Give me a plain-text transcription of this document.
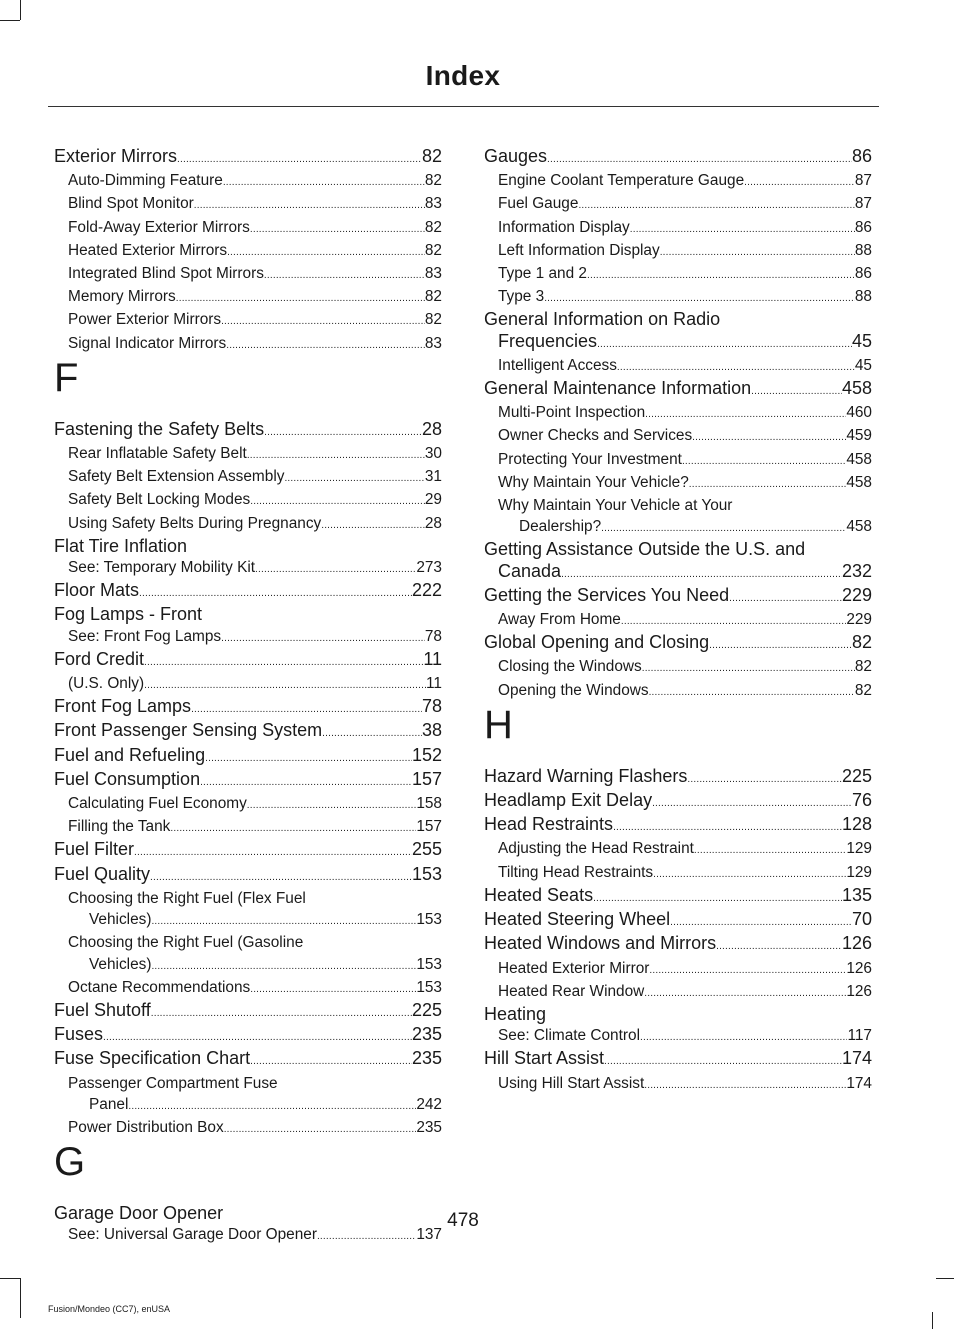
Index
Exterior Mirrors .....	82
Auto-Dimming Feature .....	82
Blind Spot Monitor .....	83
Fold-Away Exterior Mirrors .....	82
Heated Exterior Mirrors .....	82
Integrated Blind Spot Mirrors .....	83
Memory Mirrors .....	82
Power Exterior Mirrors .....	82
Signal Indicator Mirrors .....	83
F
Fastening the Safety Belts .....	28
Rear Inflatable Safety Belt .....	30
Safety Belt Extension Assembly .....	31
Safety Belt Locking Modes .....	29
Using Safety Belts During Pregnancy .....	28
Flat Tire Inflation
See: Temporary Mobility Kit .....	273
Floor Mats .....	222
Fog Lamps - Front
See: Front Fog Lamps .....	78
Ford Credit .....	11
(U.S. Only) .....	11
Front Fog Lamps .....	78
Front Passenger Sensing System .....	38
Fuel and Refueling .....	152
Fuel Consumption .....	157
Calculating Fuel Economy .....	158
Filling the Tank .....	157
Fuel Filter .....	255
Fuel Quality .....	153
Choosing the Right Fuel (Flex Fuel
Vehicles) .....	153
Choosing the Right Fuel (Gasoline
Vehicles) .....	153
Octane Recommendations .....	153
Fuel Shutoff .....	225
Fuses .....	235
Fuse Specification Chart .....	235
Passenger Compartment Fuse
Panel .....	242
Power Distribution Box .....	235
G
Garage Door Opener
See: Universal Garage Door Opener .....	137
Gauges .....	86
Engine Coolant Temperature Gauge .....	87
Fuel Gauge .....	87
Information Display .....	86
Left Information Display .....	88
Type 1 and 2 .....	86
Type 3 .....	88
General Information on Radio
Frequencies .....	45
Intelligent Access .....	45
General Maintenance Information .....	458
Multi-Point Inspection .....	460
Owner Checks and Services .....	459
Protecting Your Investment .....	458
Why Maintain Your Vehicle? .....	458
Why Maintain Your Vehicle at Your
Dealership? .....	458
Getting Assistance Outside the U.S. and
Canada .....	232
Getting the Services You Need .....	229
Away From Home .....	229
Global Opening and Closing .....	82
Closing the Windows .....	82
Opening the Windows .....	82
H
Hazard Warning Flashers .....	225
Headlamp Exit Delay .....	76
Head Restraints .....	128
Adjusting the Head Restraint .....	129
Tilting Head Restraints .....	129
Heated Seats .....	135
Heated Steering Wheel .....	70
Heated Windows and Mirrors .....	126
Heated Exterior Mirror .....	126
Heated Rear Window .....	126
Heating
See: Climate Control .....	117
Hill Start Assist .....	174
Using Hill Start Assist .....	174
478
Fusion/Mondeo (CC7), enUSA
